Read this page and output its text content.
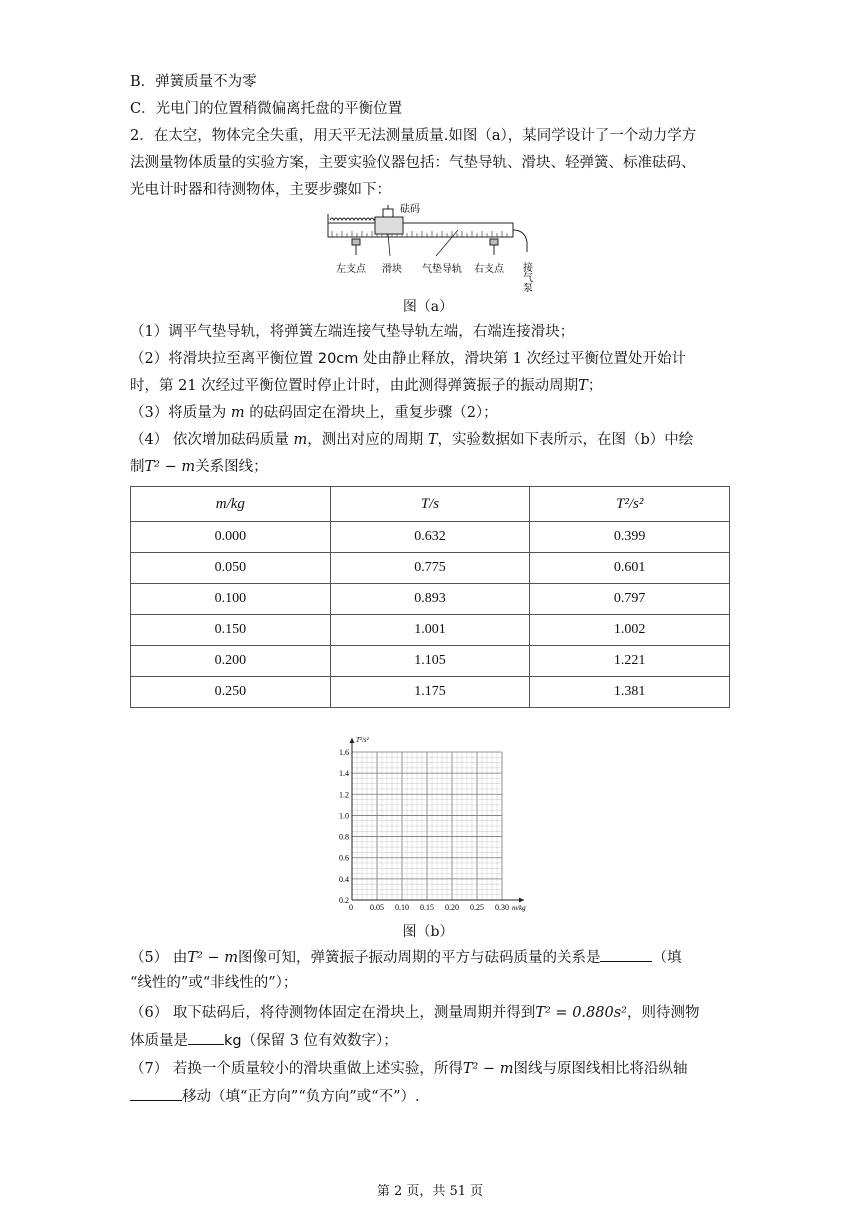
B．弹簧质量不为零
C．光电门的位置稍微偏离托盘的平衡位置
2．在太空，物体完全失重，用天平无法测量质量.如图（a），某同学设计了一个动力学方
法测量物体质量的实验方案，主要实验仪器包括：气垫导轨、滑块、轻弹簧、标准砝码、
光电计时器和待测物体，主要步骤如下：
砝码
左支点 滑块 气垫导轨 右支点 接气泵
图（a）
（1）调平气垫导轨，将弹簧左端连接气垫导轨左端，右端连接滑块；
（2）将滑块拉至离平衡位置 20cm 处由静止释放，滑块第 1 次经过平衡位置处开始计
时，第 21 次经过平衡位置时停止计时，由此测得弹簧振子的振动周期T；
（3）将质量为 m 的砝码固定在滑块上，重复步骤（2）；
（4） 依次增加砝码质量 m，测出对应的周期 T，实验数据如下表所示，在图（b）中绘
制T² − m关系图线；
m/kg	T/s	T²/s²
0.000	0.632	0.399
0.050	0.775	0.601
0.100	0.893	0.797
0.150	1.001	1.002
0.200	1.105	1.221
0.250	1.175	1.381
0.2
0.4
0.6
0.8
1.0
1.2
1.4
1.6
0 0.05 0.10 0.15 0.20 0.25 0.30 m/kg
T²/s²
图（b）
（5） 由T² − m图像可知，弹簧振子振动周期的平方与砝码质量的关系是	（填
“线性的”或“非线性的”）；
（6） 取下砝码后，将待测物体固定在滑块上，测量周期并得到T² = 0.880s²，则待测物
体质量是 kg（保留 3 位有效数字）；
（7） 若换一个质量较小的滑块重做上述实验，所得T² − m图线与原图线相比将沿纵轴
移动（填“正方向”“负方向”或“不”）.
第 2 页，共 51 页
